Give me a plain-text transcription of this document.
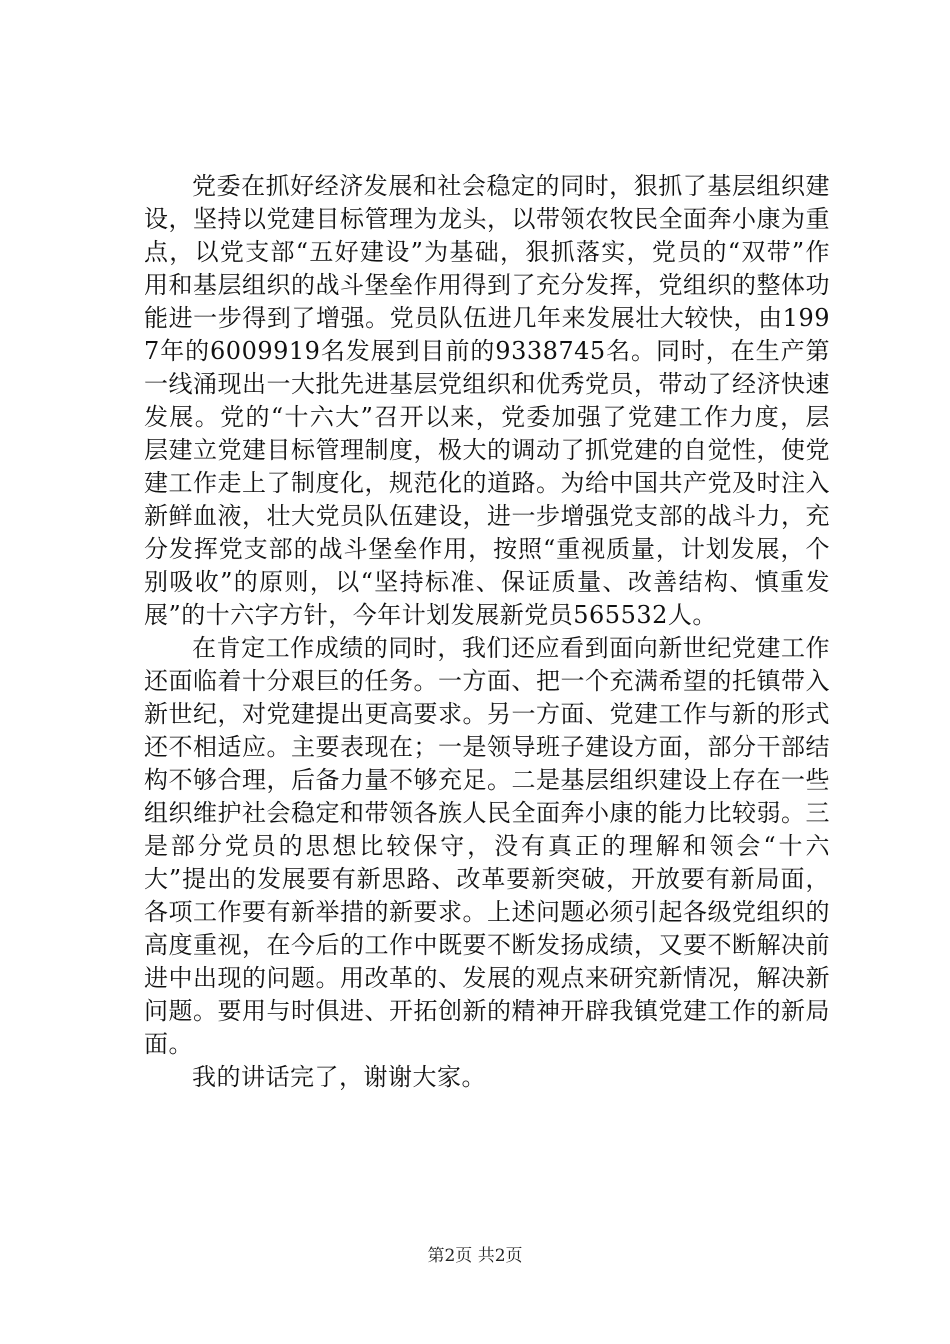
党委在抓好经济发展和社会稳定的同时，狠抓了基层组织建设，坚持以党建目标管理为龙头，以带领农牧民全面奔小康为重点，以党支部“五好建设”为基础，狠抓落实，党员的“双带”作用和基层组织的战斗堡垒作用得到了充分发挥，党组织的整体功能进一步得到了增强。党员队伍进几年来发展壮大较快，由1997年的6009919名发展到目前的9338745名。同时，在生产第一线涌现出一大批先进基层党组织和优秀党员，带动了经济快速发展。党的“十六大”召开以来，党委加强了党建工作力度，层层建立党建目标管理制度，极大的调动了抓党建的自觉性，使党建工作走上了制度化，规范化的道路。为给中国共产党及时注入新鲜血液，壮大党员队伍建设，进一步增强党支部的战斗力，充分发挥党支部的战斗堡垒作用，按照“重视质量，计划发展，个别吸收”的原则，以“坚持标准、保证质量、改善结构、慎重发展”的十六字方针，今年计划发展新党员565532人。

在肯定工作成绩的同时，我们还应看到面向新世纪党建工作还面临着十分艰巨的任务。一方面、把一个充满希望的托镇带入新世纪，对党建提出更高要求。另一方面、党建工作与新的形式还不相适应。主要表现在；一是领导班子建设方面，部分干部结构不够合理，后备力量不够充足。二是基层组织建设上存在一些组织维护社会稳定和带领各族人民全面奔小康的能力比较弱。三是部分党员的思想比较保守，没有真正的理解和领会“十六大”提出的发展要有新思路、改革要新突破，开放要有新局面，各项工作要有新举措的新要求。上述问题必须引起各级党组织的高度重视，在今后的工作中既要不断发扬成绩，又要不断解决前进中出现的问题。用改革的、发展的观点来研究新情况，解决新问题。要用与时俱进、开拓创新的精神开辟我镇党建工作的新局面。

我的讲话完了，谢谢大家。

第2页 共2页
